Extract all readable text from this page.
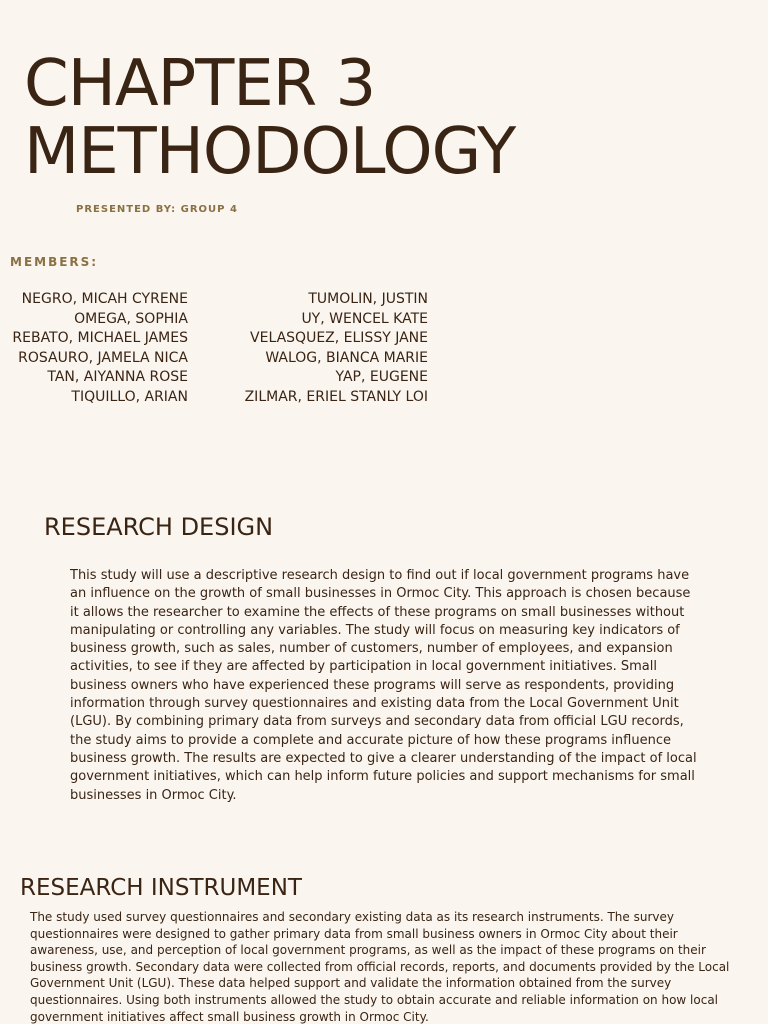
CHAPTER 3
METHODOLOGY
PRESENTED BY: GROUP 4
MEMBERS:
NEGRO, MICAH CYRENE
OMEGA, SOPHIA
REBATO, MICHAEL JAMES
ROSAURO, JAMELA NICA
TAN, AIYANNA ROSE
TIQUILLO, ARIAN
TUMOLIN, JUSTIN
UY, WENCEL KATE
VELASQUEZ, ELISSY JANE
WALOG, BIANCA MARIE
YAP, EUGENE
ZILMAR, ERIEL STANLY LOI
RESEARCH DESIGN

This study will use a descriptive research design to find out if local government programs have an influence on the growth of small businesses in Ormoc City. This approach is chosen because it allows the researcher to examine the effects of these programs on small businesses without manipulating or controlling any variables. The study will focus on measuring key indicators of business growth, such as sales, number of customers, number of employees, and expansion activities, to see if they are affected by participation in local government initiatives. Small business owners who have experienced these programs will serve as respondents, providing information through survey questionnaires and existing data from the Local Government Unit (LGU). By combining primary data from surveys and secondary data from official LGU records, the study aims to provide a complete and accurate picture of how these programs influence business growth. The results are expected to give a clearer understanding of the impact of local government initiatives, which can help inform future policies and support mechanisms for small businesses in Ormoc City.

RESEARCH INSTRUMENT

The study used survey questionnaires and secondary existing data as its research instruments. The survey questionnaires were designed to gather primary data from small business owners in Ormoc City about their awareness, use, and perception of local government programs, as well as the impact of these programs on their business growth. Secondary data were collected from official records, reports, and documents provided by the Local Government Unit (LGU). These data helped support and validate the information obtained from the survey questionnaires. Using both instruments allowed the study to obtain accurate and reliable information on how local government initiatives affect small business growth in Ormoc City.
